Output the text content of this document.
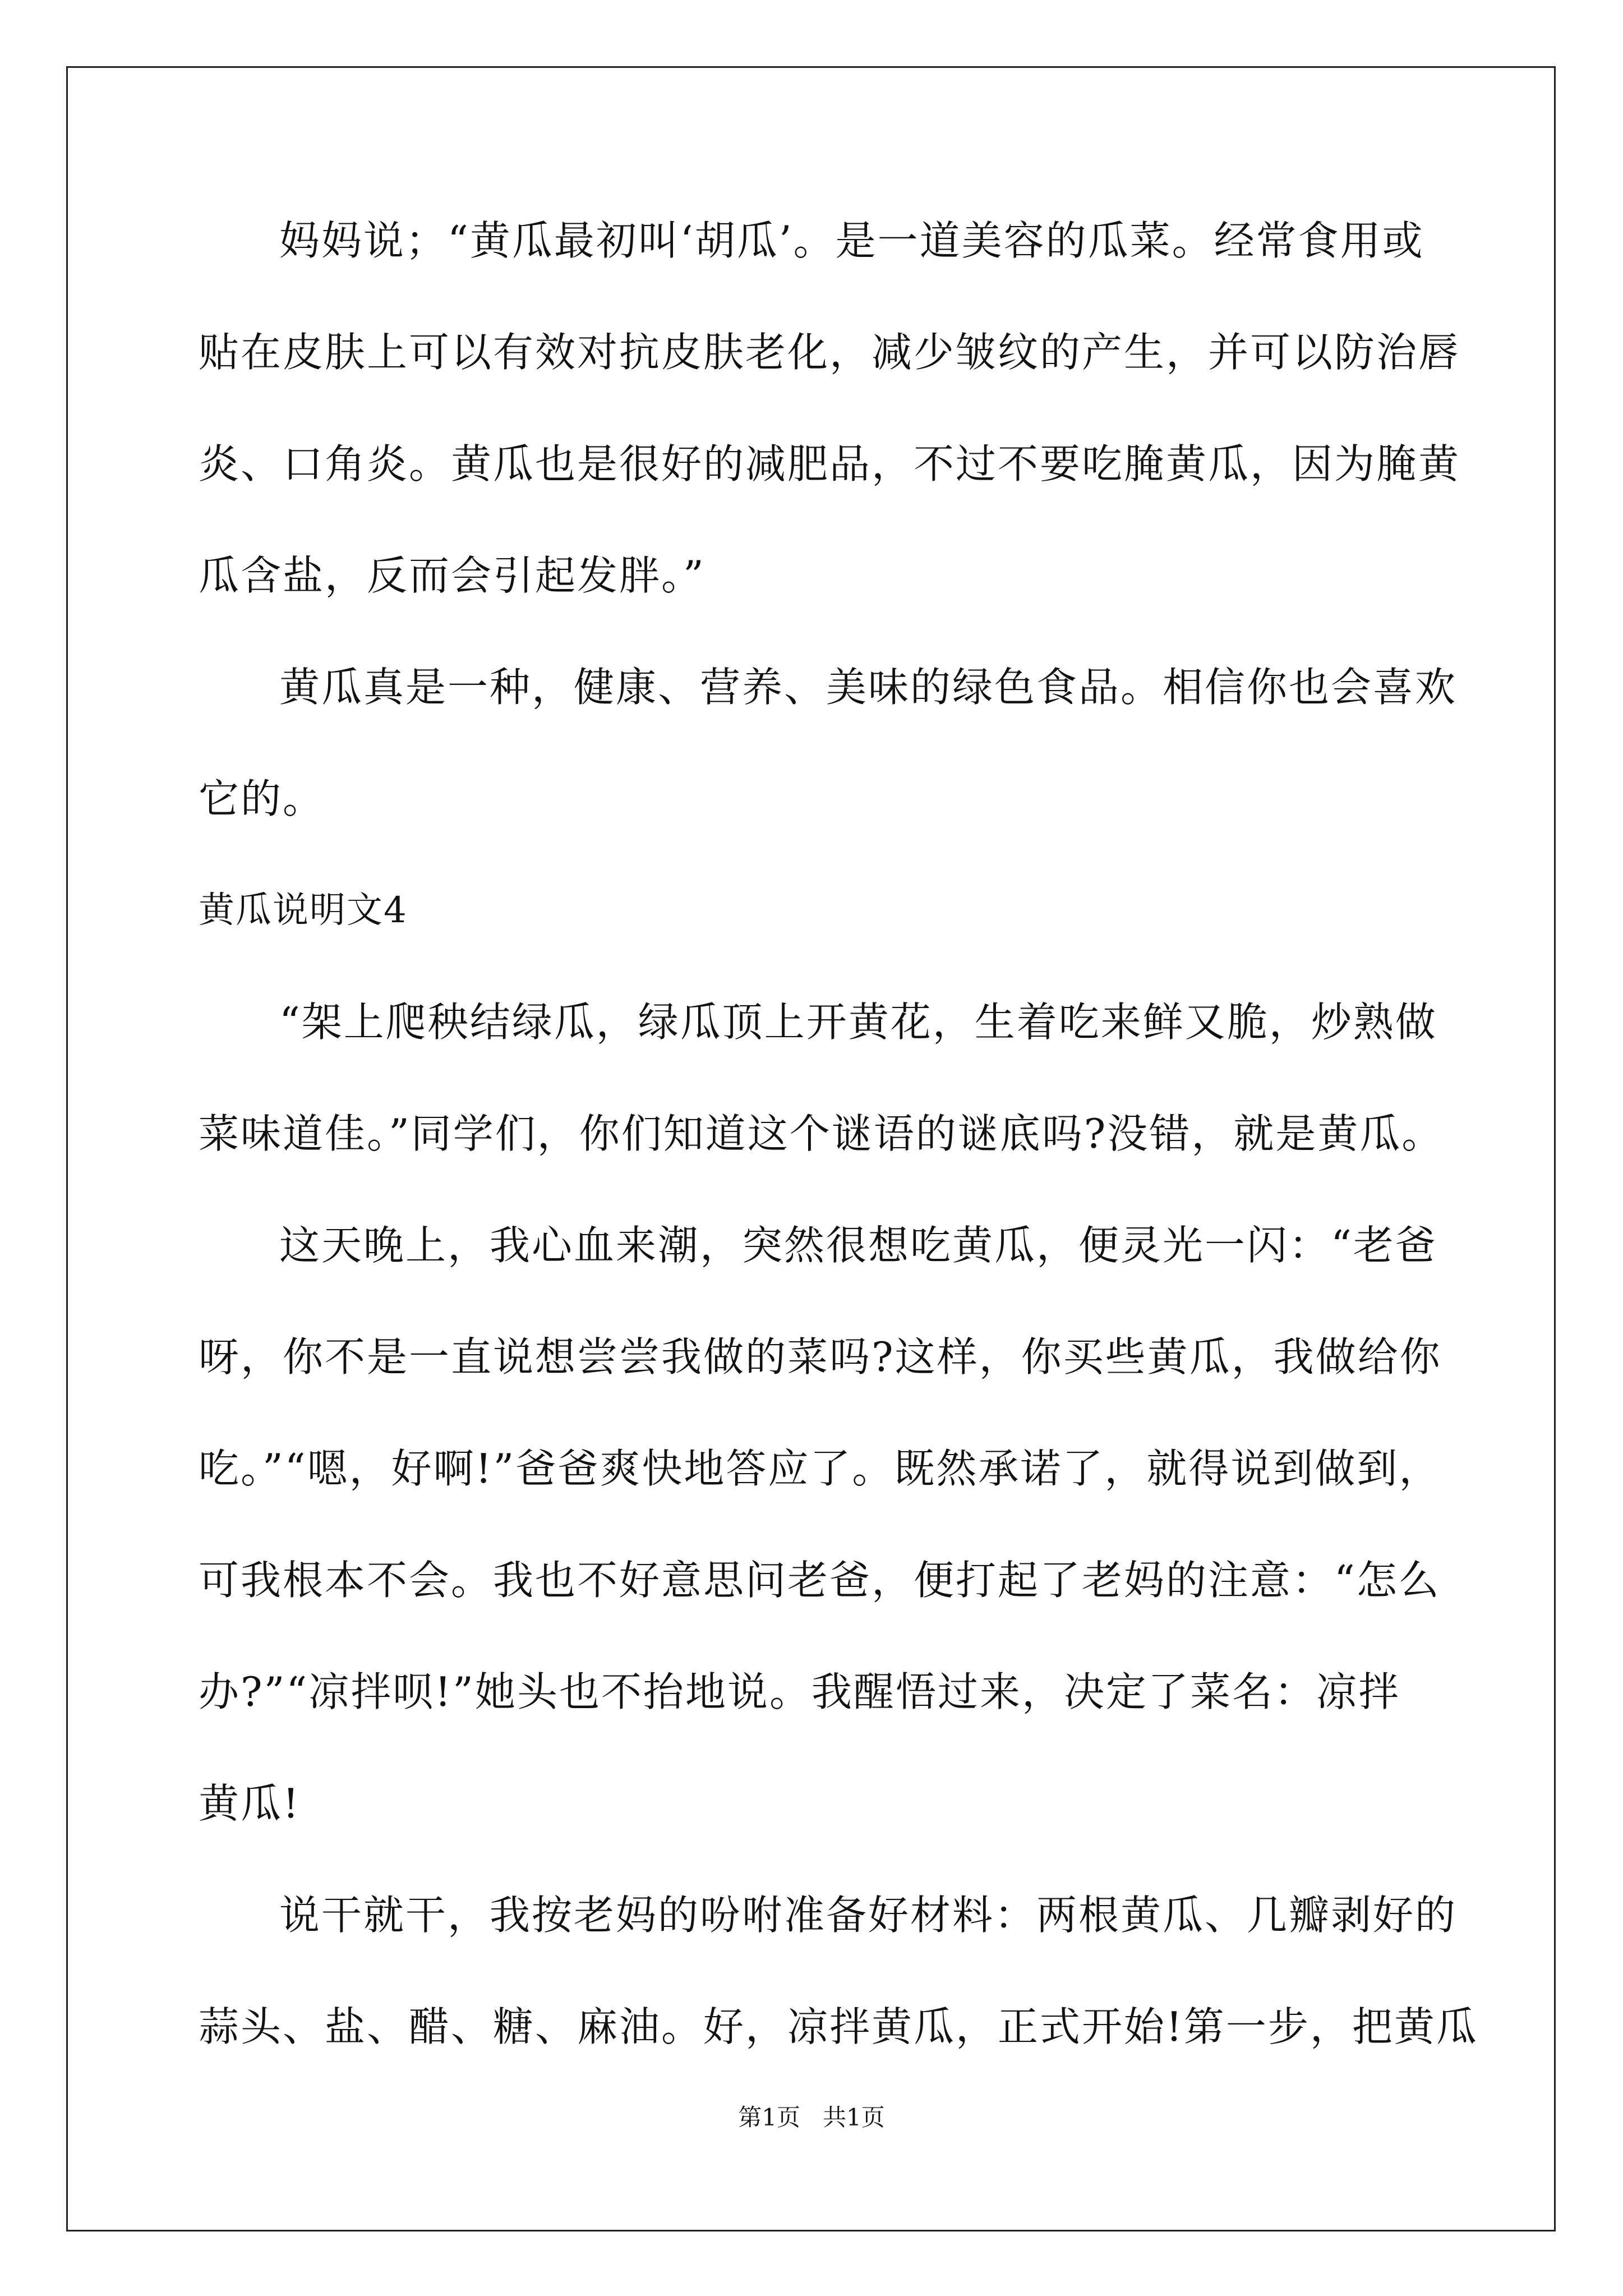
妈妈说；“黄瓜最初叫‘胡瓜’。是一道美容的瓜菜。经常食用或
贴在皮肤上可以有效对抗皮肤老化，减少皱纹的产生，并可以防治唇
炎、口角炎。黄瓜也是很好的减肥品，不过不要吃腌黄瓜，因为腌黄
瓜含盐，反而会引起发胖。”
黄瓜真是一种，健康、营养、美味的绿色食品。相信你也会喜欢
它的。
黄瓜说明文4
“架上爬秧结绿瓜，绿瓜顶上开黄花，生着吃来鲜又脆，炒熟做
菜味道佳。”同学们，你们知道这个谜语的谜底吗?没错，就是黄瓜。
这天晚上，我心血来潮，突然很想吃黄瓜，便灵光一闪：“老爸
呀，你不是一直说想尝尝我做的菜吗?这样，你买些黄瓜，我做给你
吃。”“嗯，好啊!”爸爸爽快地答应了。既然承诺了，就得说到做到，
可我根本不会。我也不好意思问老爸，便打起了老妈的注意：“怎么
办?”“凉拌呗!”她头也不抬地说。我醒悟过来，决定了菜名：凉拌
黄瓜!
说干就干，我按老妈的吩咐准备好材料：两根黄瓜、几瓣剥好的
蒜头、盐、醋、糖、麻油。好，凉拌黄瓜，正式开始!第一步，把黄瓜
第1页   共1页
